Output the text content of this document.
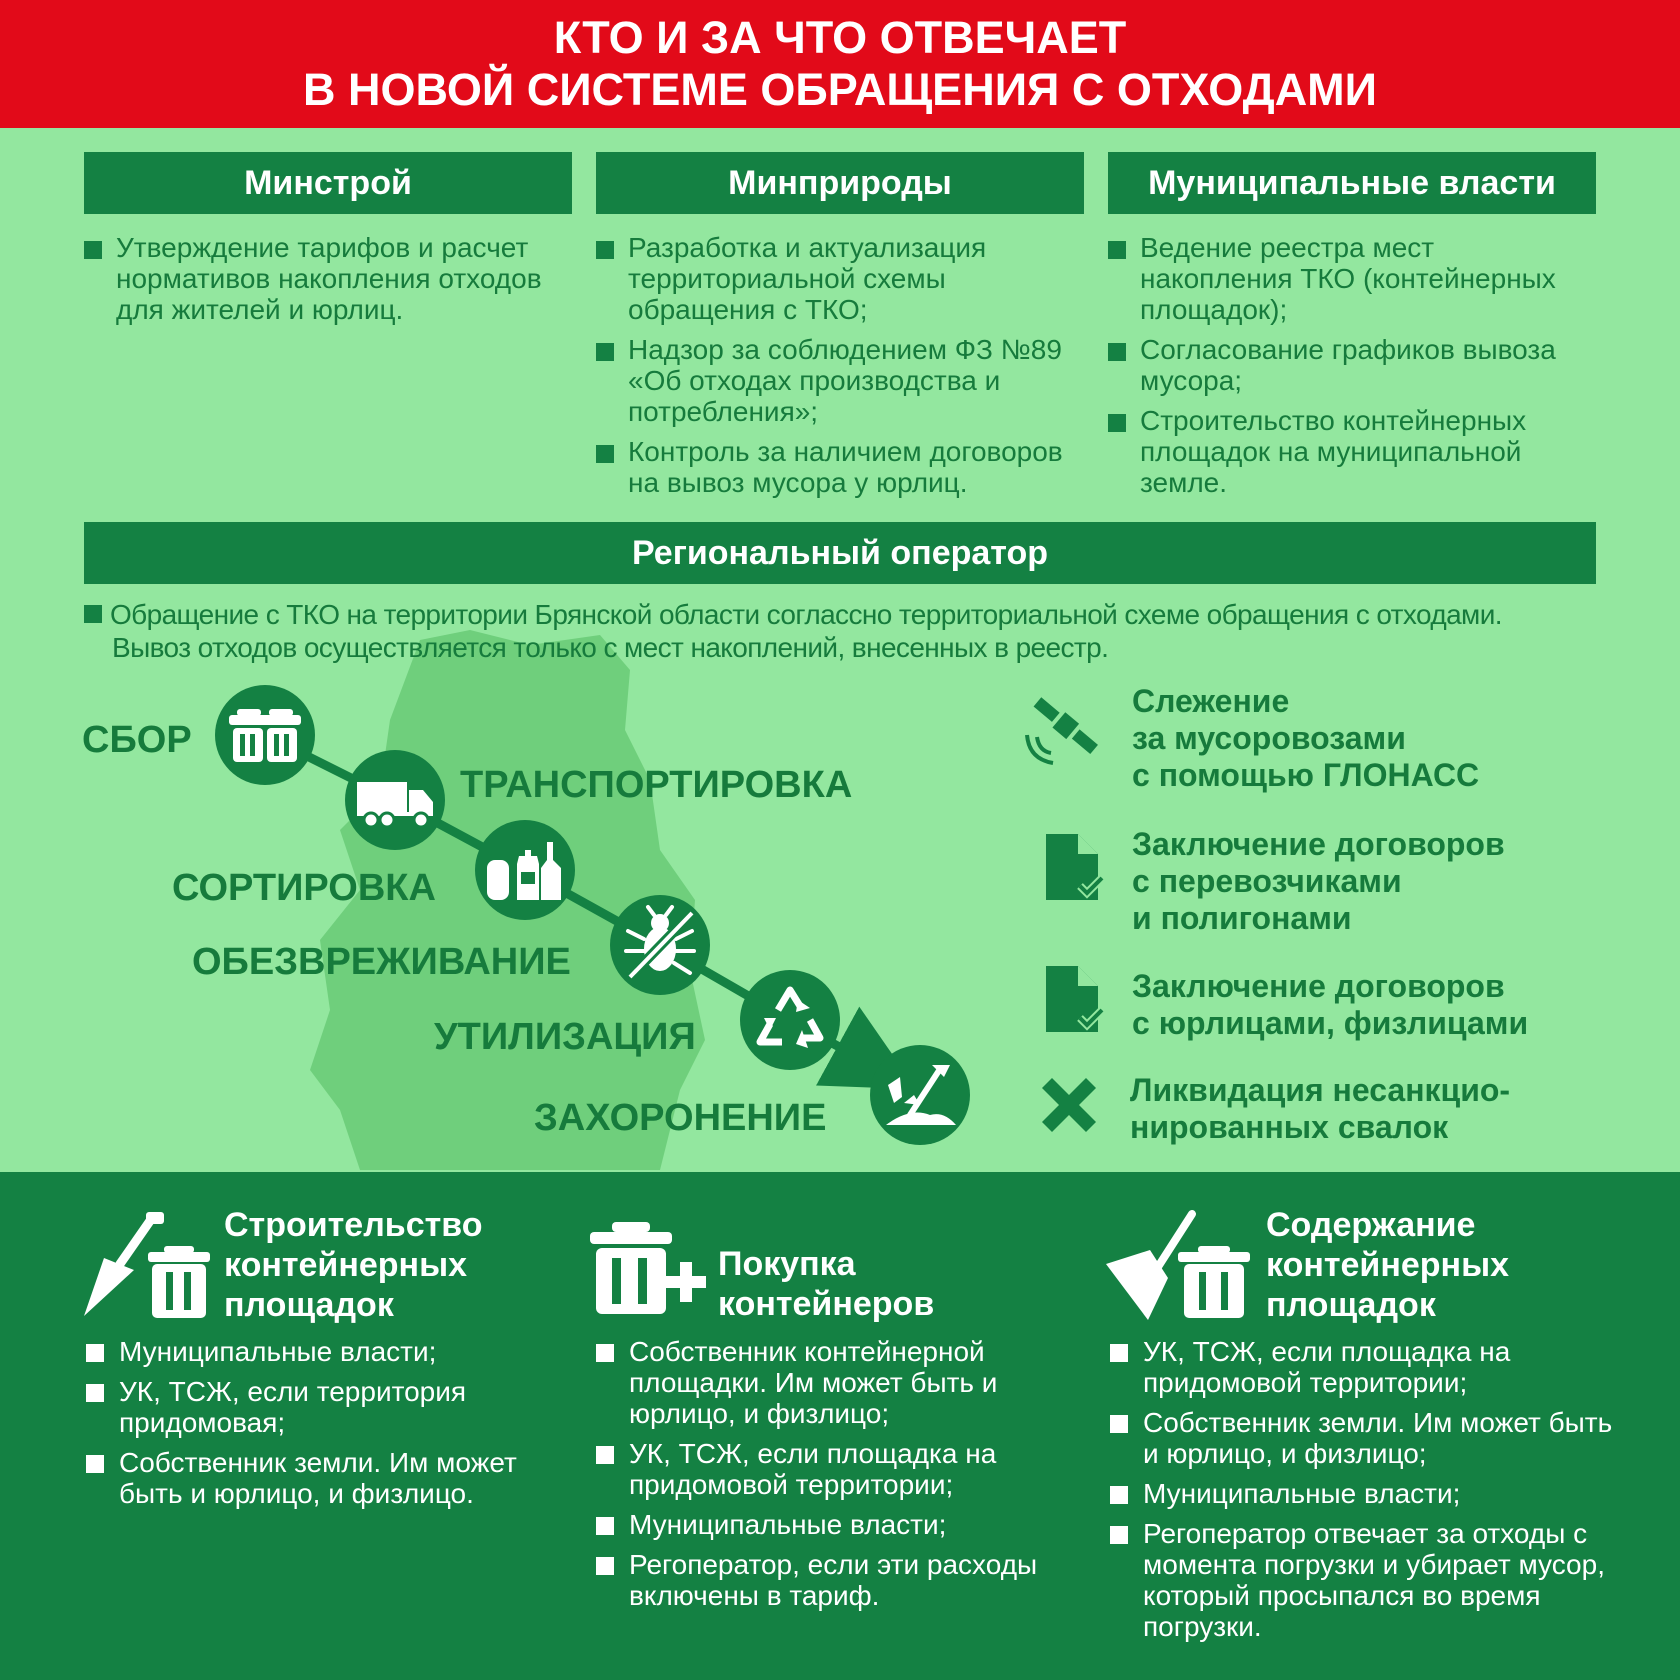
КТО И ЗА ЧТО ОТВЕЧАЕТ
В НОВОЙ СИСТЕМЕ ОБРАЩЕНИЯ С ОТХОДАМИ
Минстрой	Минприроды	Муниципальные власти
Утверждение тарифов и расчет нормативов накопления отходов для жителей и юрлиц.
Разработка и актуализация территориальной схемы обращения с ТКО;
Надзор за соблюдением ФЗ №89 «Об отходах производства и потребления»;
Контроль за наличием договоров на вывоз мусора у юрлиц.
Ведение реестра мест накопления ТКО (контейнерных площадок);
Согласование графиков вывоза мусора;
Строительство контейнерных площадок на муниципальной земле.
Региональный оператор
Обращение с ТКО на территории Брянской области соглассно территориальной схеме обращения с отходами.
Вывоз отходов осуществляется только с мест накоплений, внесенных в реестр.
СБОР
ТРАНСПОРТИРОВКА
СОРТИРОВКА
ОБЕЗВРЕЖИВАНИЕ
УТИЛИЗАЦИЯ
ЗАХОРОНЕНИЕ
Слежение
за мусоровозами
с помощью ГЛОНАСС
Заключение договоров
с перевозчиками
и полигонами
Заключение договоров
с юрлицами, физлицами
Ликвидация несанкцио-
нированных свалок
Строительство
контейнерных
площадок
Муниципальные власти;
УК, ТСЖ, если территория придомовая;
Собственник земли. Им может быть и юрлицо, и физлицо.
Покупка
контейнеров
Собственник контейнерной площадки. Им может быть и юрлицо, и физлицо;
УК, ТСЖ, если площадка на придомовой территории;
Муниципальные власти;
Регоператор, если эти расходы включены в тариф.
Содержание
контейнерных
площадок
УК, ТСЖ, если площадка на придомовой территории;
Собственник земли. Им может быть и юрлицо, и физлицо;
Муниципальные власти;
Регоператор отвечает за отходы с момента погрузки и убирает мусор, который просыпался во время погрузки.
